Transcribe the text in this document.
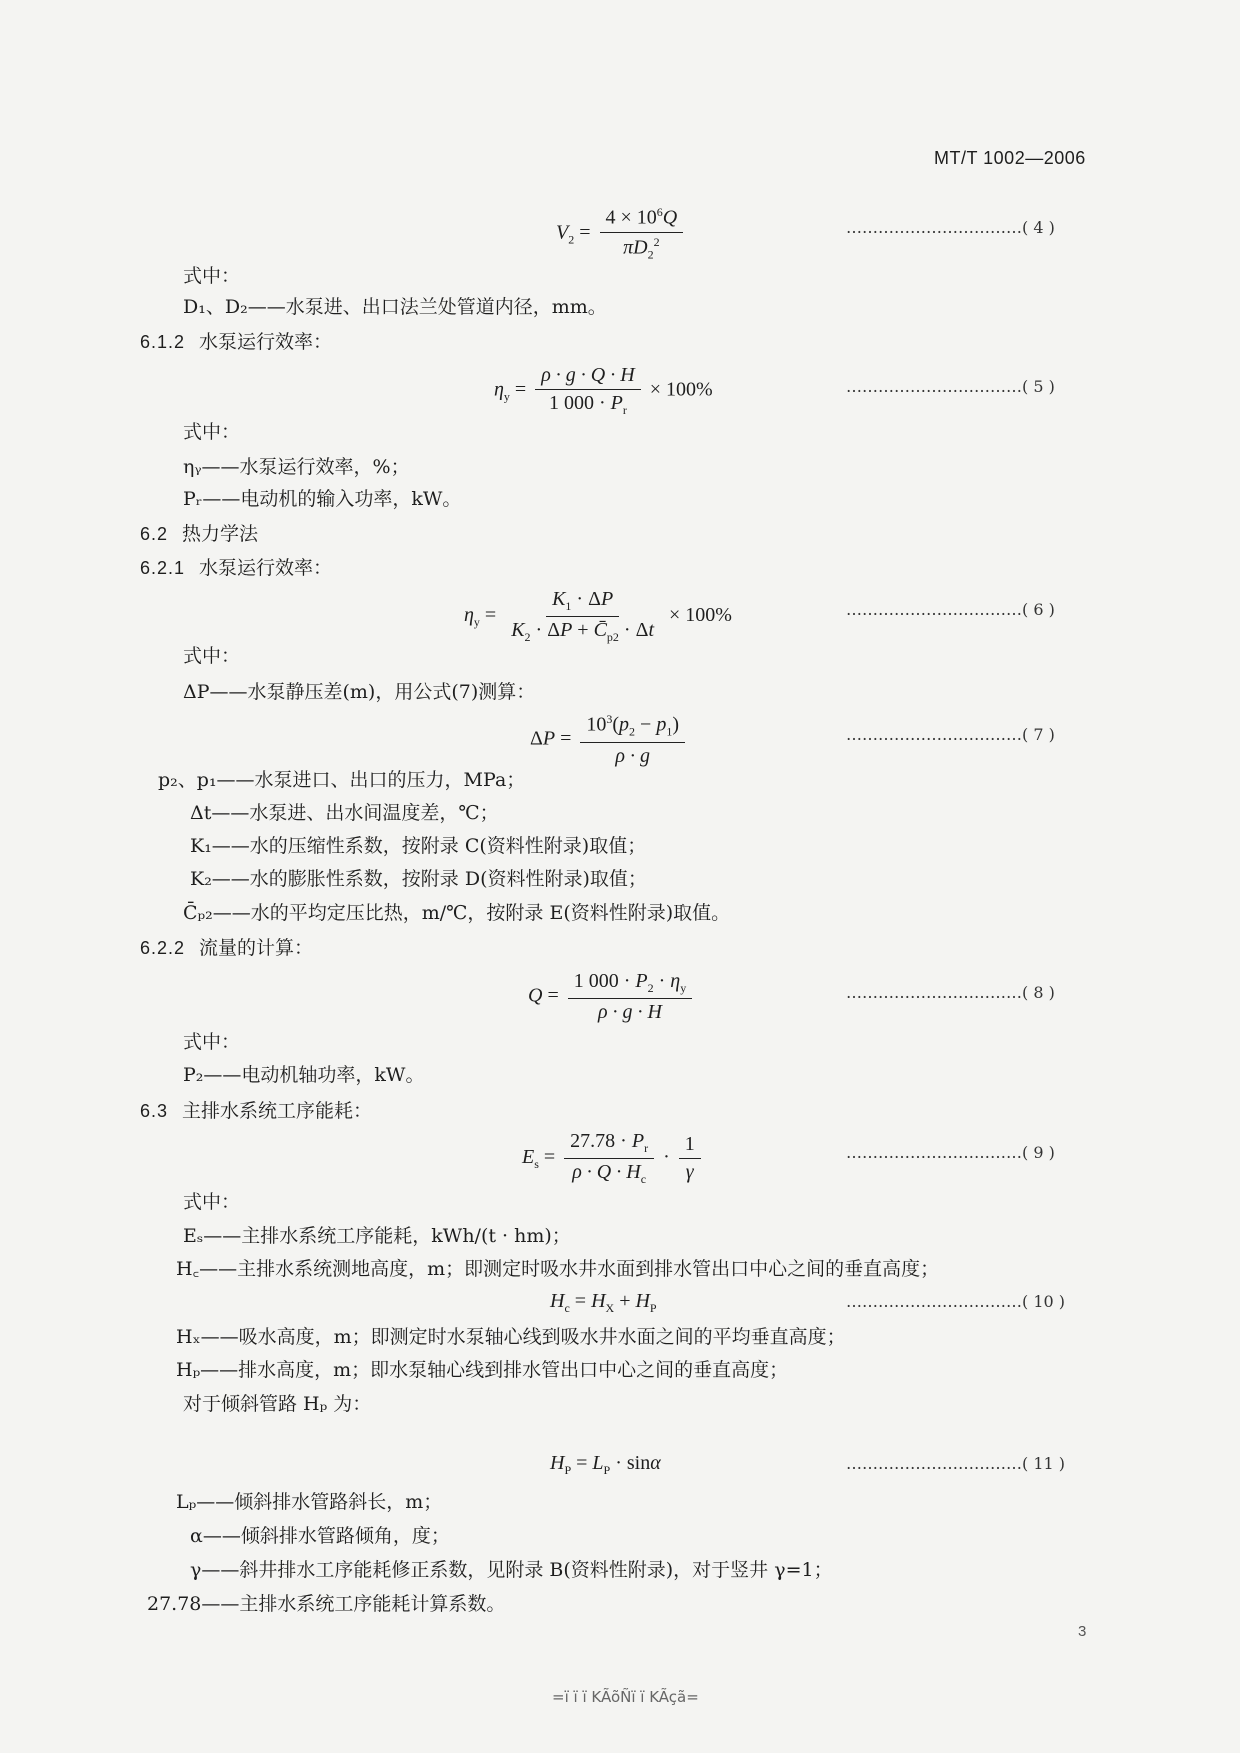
MT/T 1002—2006
$V_2 = \frac{4 \times 10^6Q}{\pi D_2^2}$	……………………………( 4 )
式中：
D₁、D₂——水泵进、出口法兰处管道内径，mm。
6.1.2 水泵运行效率：
$\eta_y = \frac{\rho \cdot g \cdot Q \cdot H}{1 000 \cdot P_r} \times 100\%$	……………………………( 5 )
式中：
ηᵧ——水泵运行效率，%；
Pᵣ——电动机的输入功率，kW。
6.2 热力学法
6.2.1 水泵运行效率：
$\eta_y = \frac{K_1 \cdot \Delta P}{K_2 \cdot \Delta P + C̄_{p2} \cdot \Delta t} \times 100\%$	……………………………( 6 )
式中：
ΔP——水泵静压差(m)，用公式(7)测算：
$\Delta P = \frac{10^3(p_2 - p_1)}{\rho \cdot g}$	……………………………( 7 )
p₂、p₁——水泵进口、出口的压力，MPa；
Δt——水泵进、出水间温度差，℃；
K₁——水的压缩性系数，按附录 C(资料性附录)取值；
K₂——水的膨胀性系数，按附录 D(资料性附录)取值；
C̄ₚ₂——水的平均定压比热，m/℃，按附录 E(资料性附录)取值。
6.2.2 流量的计算：
$Q = \frac{1 000 \cdot P_2 \cdot \eta_y}{\rho \cdot g \cdot H}$	……………………………( 8 )
式中：
P₂——电动机轴功率，kW。
6.3 主排水系统工序能耗：
$E_s = \frac{27.78 \cdot P_r}{\rho \cdot Q \cdot H_c} \cdot \frac{1}{\gamma}$	……………………………( 9 )
式中：
Eₛ——主排水系统工序能耗，kWh/(t · hm)；
H꜀——主排水系统测地高度，m；即测定时吸水井水面到排水管出口中心之间的垂直高度；
$H_c = H_X + H_P$	……………………………( 10 )
Hₓ——吸水高度，m；即测定时水泵轴心线到吸水井水面之间的平均垂直高度；
Hₚ——排水高度，m；即水泵轴心线到排水管出口中心之间的垂直高度；
对于倾斜管路 Hₚ 为：
$H_P = L_P \cdot \sin\alpha$	……………………………( 11 )
Lₚ——倾斜排水管路斜长，m；
α——倾斜排水管路倾角，度；
γ——斜井排水工序能耗修正系数，见附录 B(资料性附录)，对于竖井 γ=1；
27.78——主排水系统工序能耗计算系数。
3
=ï ï ï KÃõÑï ï KÃçã=
